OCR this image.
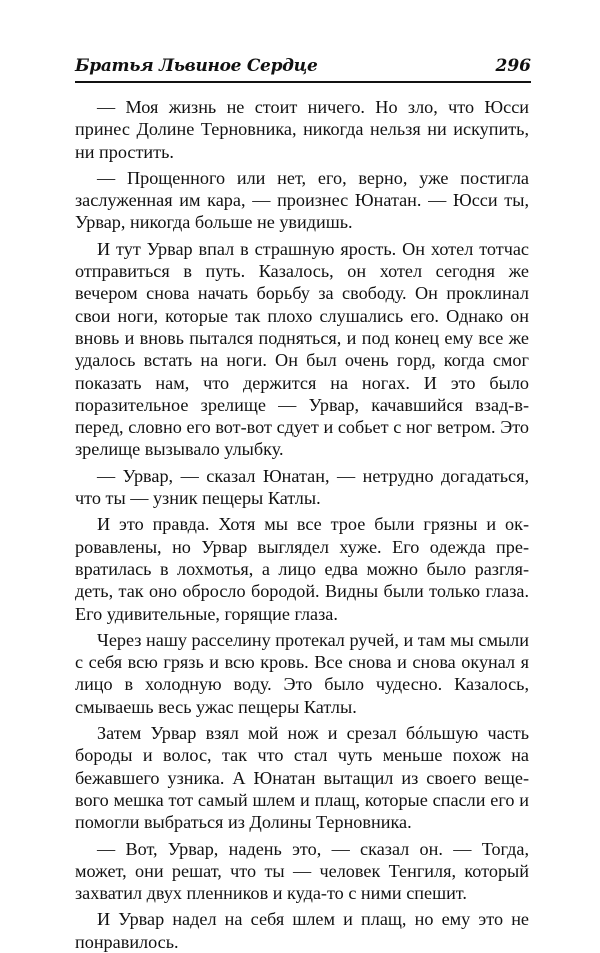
Братья Львиное Сердце	296

— Моя жизнь не стоит ничего. Но зло, что Юсси принес Долине Терновника, никогда нельзя ни искупить, ни простить.

— Прощенного или нет, его, верно, уже постигла заслуженная им кара, — произнес Юнатан. — Юсси ты, Урвар, никогда больше не увидишь.

И тут Урвар впал в страшную ярость. Он хотел тотчас отправиться в путь. Казалось, он хотел сегодня же вечером снова начать борьбу за свободу. Он проклинал свои ноги, которые так плохо слушались его. Однако он вновь и вновь пытался подняться, и под конец ему все же удалось встать на ноги. Он был очень горд, когда смог показать нам, что держится на ногах. И это было поразительное зрелище — Урвар, качавшийся взад-вперед, словно его вот-вот сдует и собьет с ног ветром. Это зрелище вызывало улыбку.

— Урвар, — сказал Юнатан, — нетрудно догадаться, что ты — узник пещеры Катлы.

И это правда. Хотя мы все трое были грязны и окровавлены, но Урвар выглядел хуже. Его одежда превратилась в лохмотья, а лицо едва можно было разглядеть, так оно обросло бородой. Видны были только глаза. Его удивительные, горящие глаза.

Через нашу расселину протекал ручей, и там мы смыли с себя всю грязь и всю кровь. Все снова и снова окунал я лицо в холодную воду. Это было чудесно. Казалось, смываешь весь ужас пещеры Катлы.

Затем Урвар взял мой нож и срезал бóльшую часть бороды и волос, так что стал чуть меньше похож на бежавшего узника. А Юнатан вытащил из своего вещевого мешка тот самый шлем и плащ, которые спасли его и помогли выбраться из Долины Терновника.

— Вот, Урвар, надень это, — сказал он. — Тогда, может, они решат, что ты — человек Тенгиля, который захватил двух пленников и куда-то с ними спешит.

И Урвар надел на себя шлем и плащ, но ему это не понравилось.
